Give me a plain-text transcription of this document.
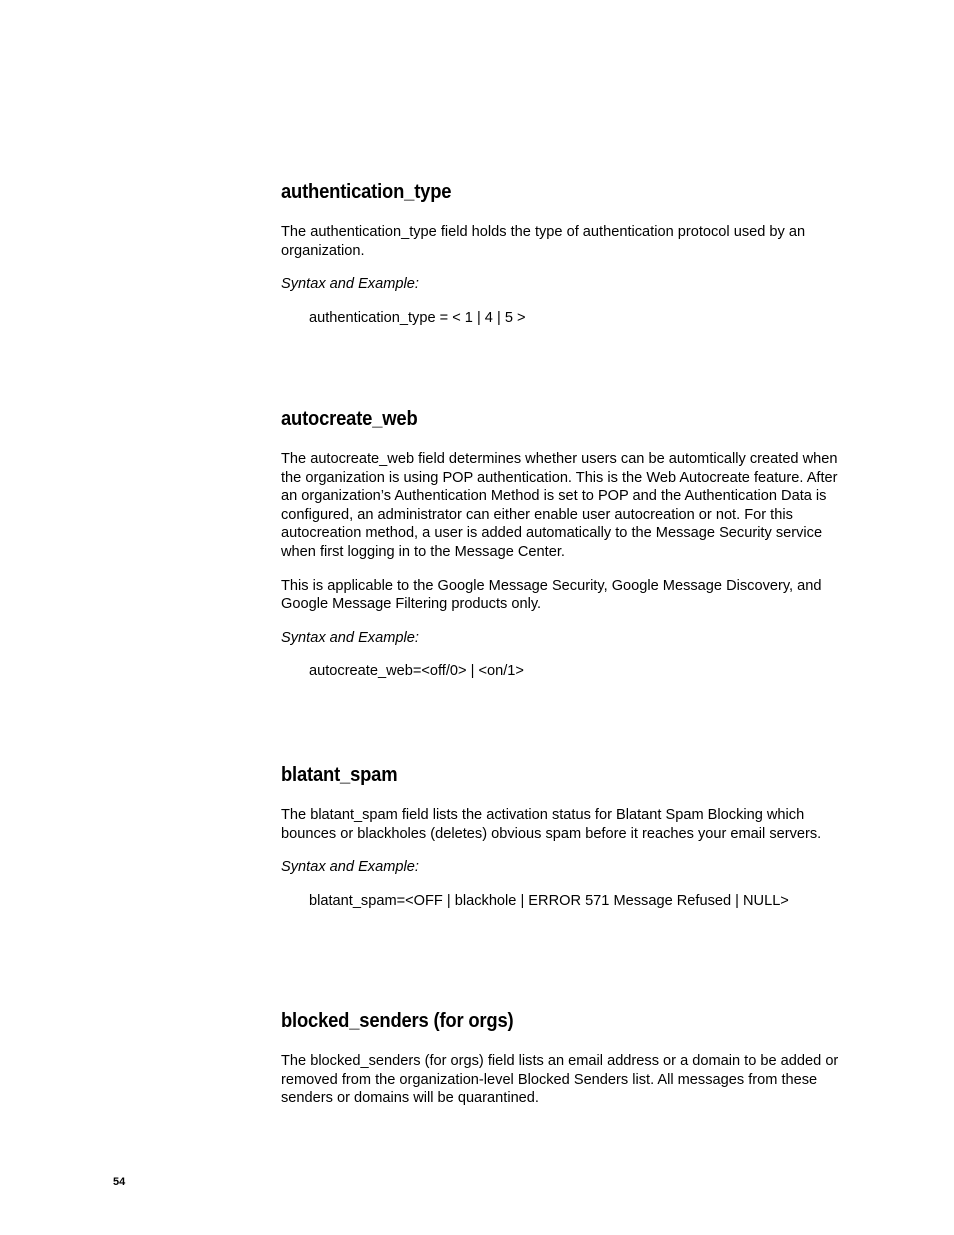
authentication_type

The authentication_type field holds the type of authentication protocol used by an organization.

Syntax and Example:

authentication_type = < 1 | 4 | 5 >

autocreate_web

The autocreate_web field determines whether users can be automtically created when the organization is using POP authentication. This is the Web Autocreate feature. After an organization’s Authentication Method is set to POP and the Authentication Data is configured, an administrator can either enable user autocreation or not. For this autocreation method, a user is added automatically to the Message Security service when first logging in to the Message Center.

This is applicable to the Google Message Security, Google Message Discovery, and Google Message Filtering products only.

Syntax and Example:

autocreate_web=<off/0> | <on/1>

blatant_spam

The blatant_spam field lists the activation status for Blatant Spam Blocking which bounces or blackholes (deletes) obvious spam before it reaches your email servers.

Syntax and Example:

blatant_spam=<OFF | blackhole | ERROR 571 Message Refused | NULL>

blocked_senders (for orgs)

The blocked_senders (for orgs) field lists an email address or a domain to be added or removed from the organization-level Blocked Senders list. All messages from these senders or domains will be quarantined.

54
